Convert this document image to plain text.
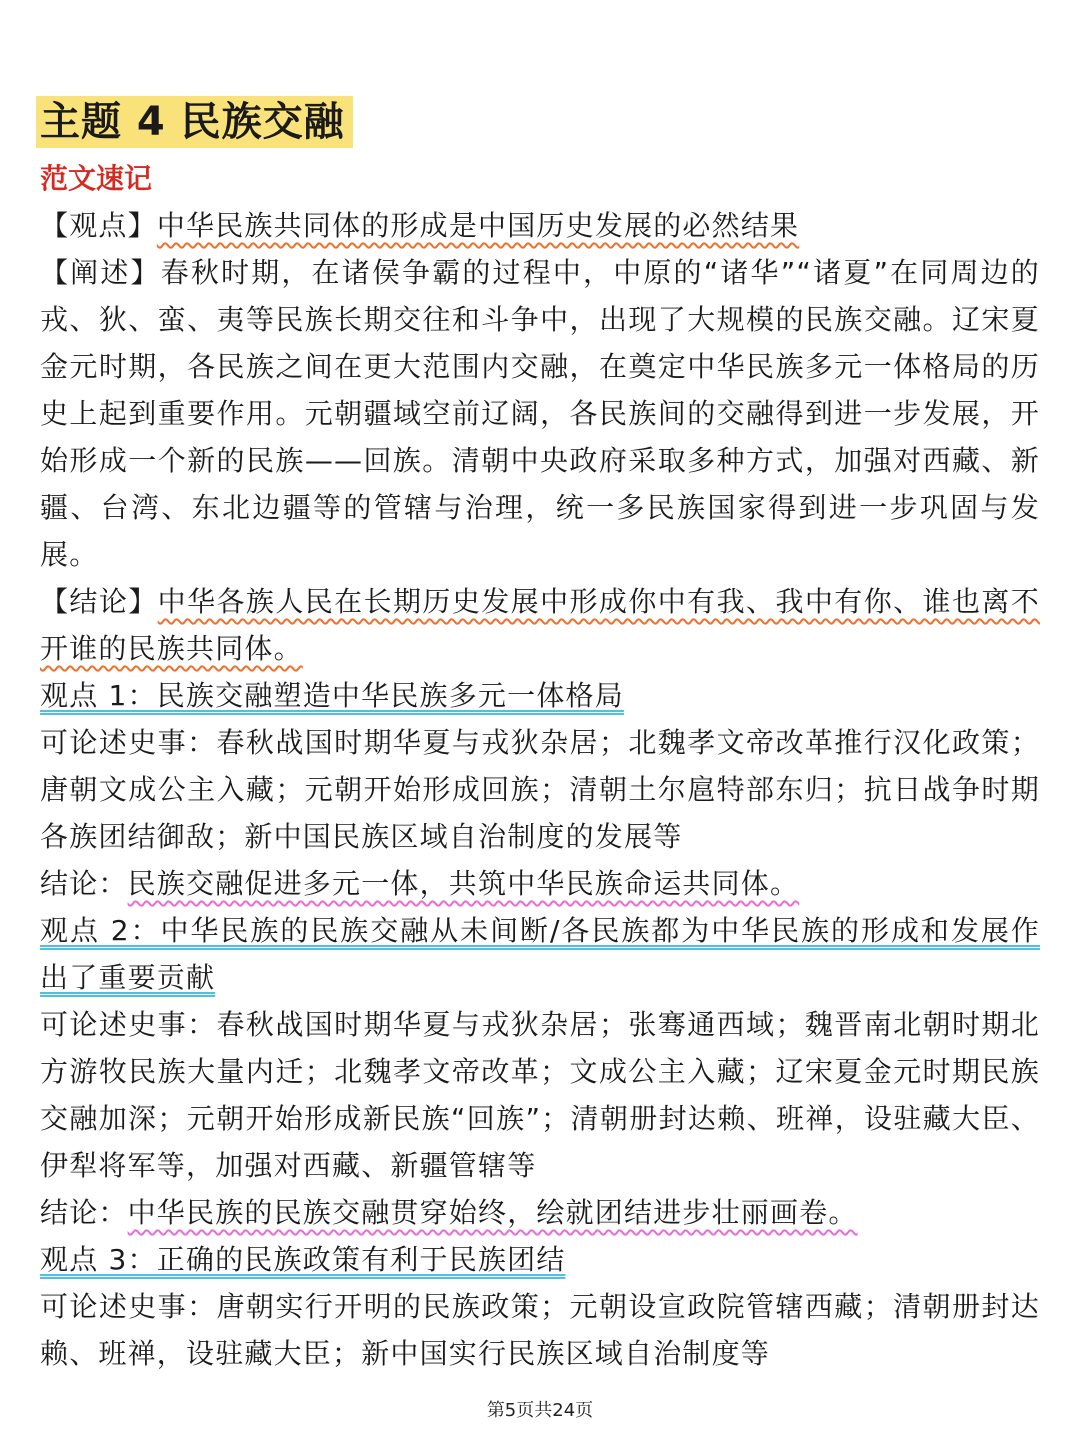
主题 4 民族交融
范文速记

【观点】中华民族共同体的形成是中国历史发展的必然结果

【阐述】春秋时期，在诸侯争霸的过程中，中原的“诸华”“诸夏”在同周边的戎、狄、蛮、夷等民族长期交往和斗争中，出现了大规模的民族交融。辽宋夏金元时期，各民族之间在更大范围内交融，在奠定中华民族多元一体格局的历史上起到重要作用。元朝疆域空前辽阔，各民族间的交融得到进一步发展，开始形成一个新的民族——回族。清朝中央政府采取多种方式，加强对西藏、新疆、台湾、东北边疆等的管辖与治理，统一多民族国家得到进一步巩固与发展。

【结论】中华各族人民在长期历史发展中形成你中有我、我中有你、谁也离不开谁的民族共同体。

观点 1：民族交融塑造中华民族多元一体格局

可论述史事：春秋战国时期华夏与戎狄杂居；北魏孝文帝改革推行汉化政策；唐朝文成公主入藏；元朝开始形成回族；清朝土尔扈特部东归；抗日战争时期各族团结御敌；新中国民族区域自治制度的发展等

结论：民族交融促进多元一体，共筑中华民族命运共同体。

观点 2：中华民族的民族交融从未间断/各民族都为中华民族的形成和发展作出了重要贡献

可论述史事：春秋战国时期华夏与戎狄杂居；张骞通西域；魏晋南北朝时期北方游牧民族大量内迁；北魏孝文帝改革；文成公主入藏；辽宋夏金元时期民族交融加深；元朝开始形成新民族“回族”；清朝册封达赖、班禅，设驻藏大臣、伊犁将军等，加强对西藏、新疆管辖等

结论：中华民族的民族交融贯穿始终，绘就团结进步壮丽画卷。

观点 3：正确的民族政策有利于民族团结

可论述史事：唐朝实行开明的民族政策；元朝设宣政院管辖西藏；清朝册封达赖、班禅，设驻藏大臣；新中国实行民族区域自治制度等

第5页共24页
